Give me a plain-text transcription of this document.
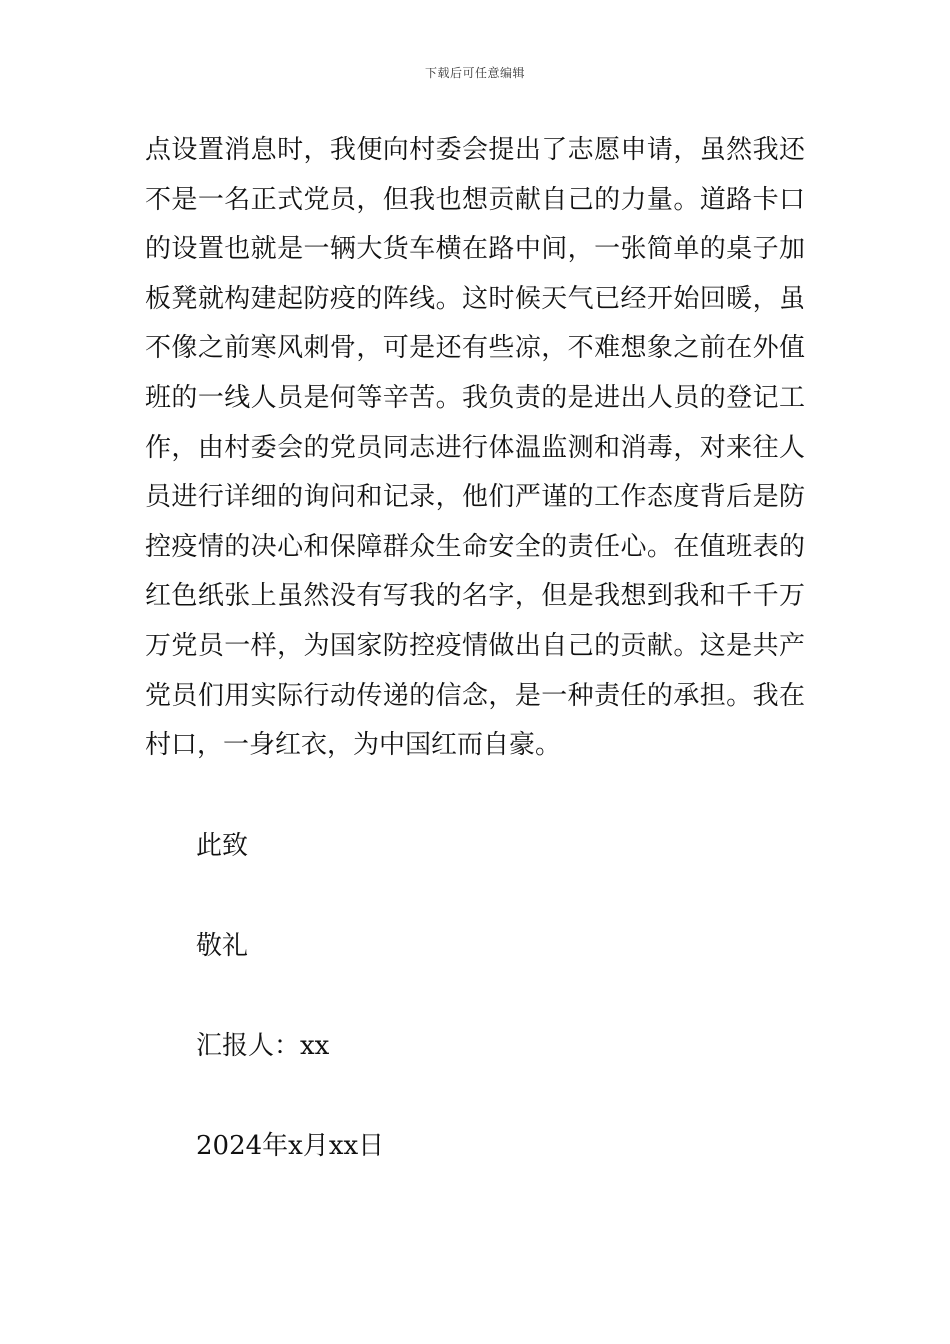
下载后可任意编辑
点设置消息时，我便向村委会提出了志愿申请，虽然我还
不是一名正式党员，但我也想贡献自己的力量。道路卡口
的设置也就是一辆大货车横在路中间，一张简单的桌子加
板凳就构建起防疫的阵线。这时候天气已经开始回暖，虽
不像之前寒风刺骨，可是还有些凉，不难想象之前在外值
班的一线人员是何等辛苦。我负责的是进出人员的登记工
作，由村委会的党员同志进行体温监测和消毒，对来往人
员进行详细的询问和记录，他们严谨的工作态度背后是防
控疫情的决心和保障群众生命安全的责任心。在值班表的
红色纸张上虽然没有写我的名字，但是我想到我和千千万
万党员一样，为国家防控疫情做出自己的贡献。这是共产
党员们用实际行动传递的信念，是一种责任的承担。我在
村口，一身红衣，为中国红而自豪。
此致
敬礼
汇报人：xx
2024年x月xx日
